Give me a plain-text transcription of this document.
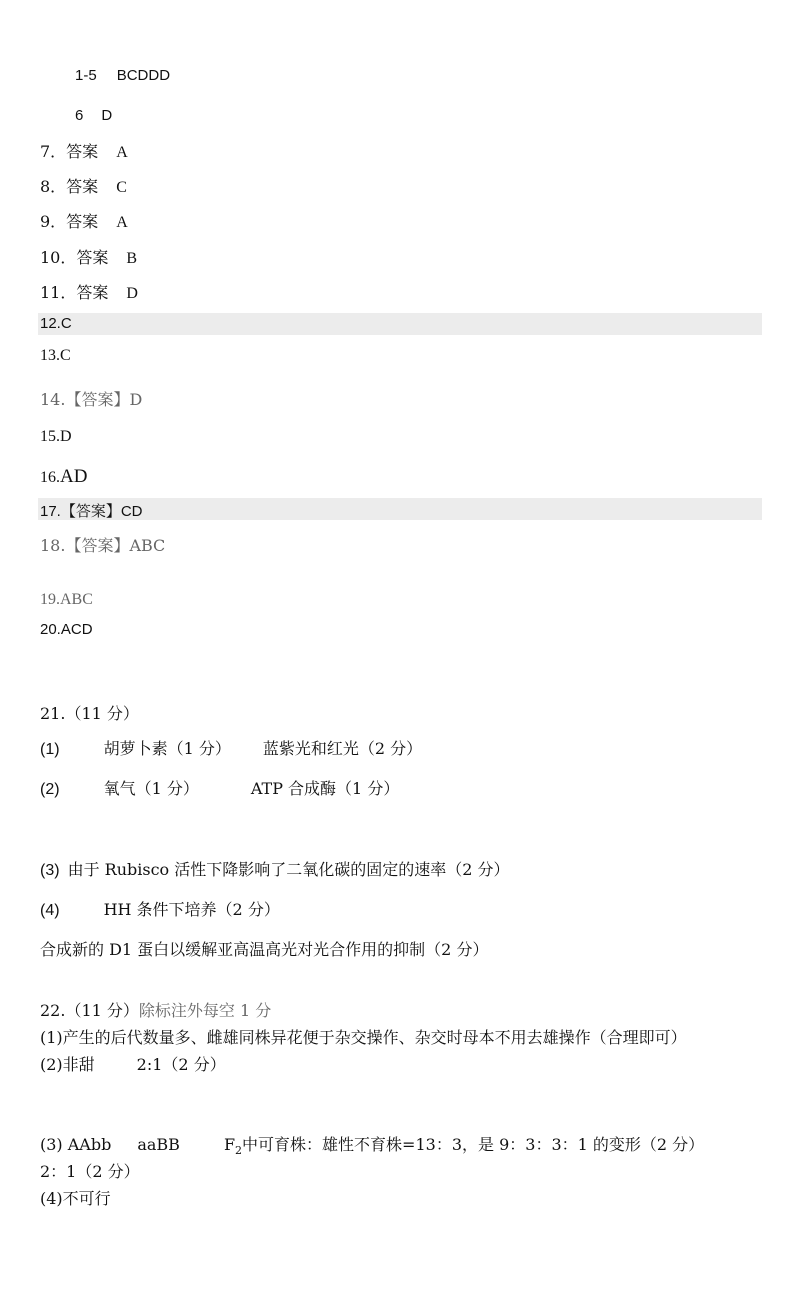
1-5 BCDDD
6 D
7．答案 A
8．答案 C
9．答案 A
10．答案 B
11．答案 D
12.C
13.C
14.【答案】D
15.D
16.AD
17.【答案】CD
18.【答案】ABC
19.ABC
20.ACD
21.（11 分）
(1)	胡萝卜素（1 分） 蓝紫光和红光（2 分）
(2)	氧气（1 分）	ATP 合成酶（1 分）
(3) 由于 Rubisco 活性下降影响了二氧化碳的固定的速率（2 分）
(4)	HH 条件下培养（2 分）
合成新的 D1 蛋白以缓解亚高温高光对光合作用的抑制（2 分）
22.（11 分）除标注外每空 1 分
(1)产生的后代数量多、雌雄同株异花便于杂交操作、杂交时母本不用去雄操作（合理即可）
(2)非甜	2:1（2 分）
(3) AAbb aaBB	$F_2$中可育株：雄性不育株=13：3，是 9：3：3：1 的变形（2 分）
2：1（2 分）
(4)不可行
